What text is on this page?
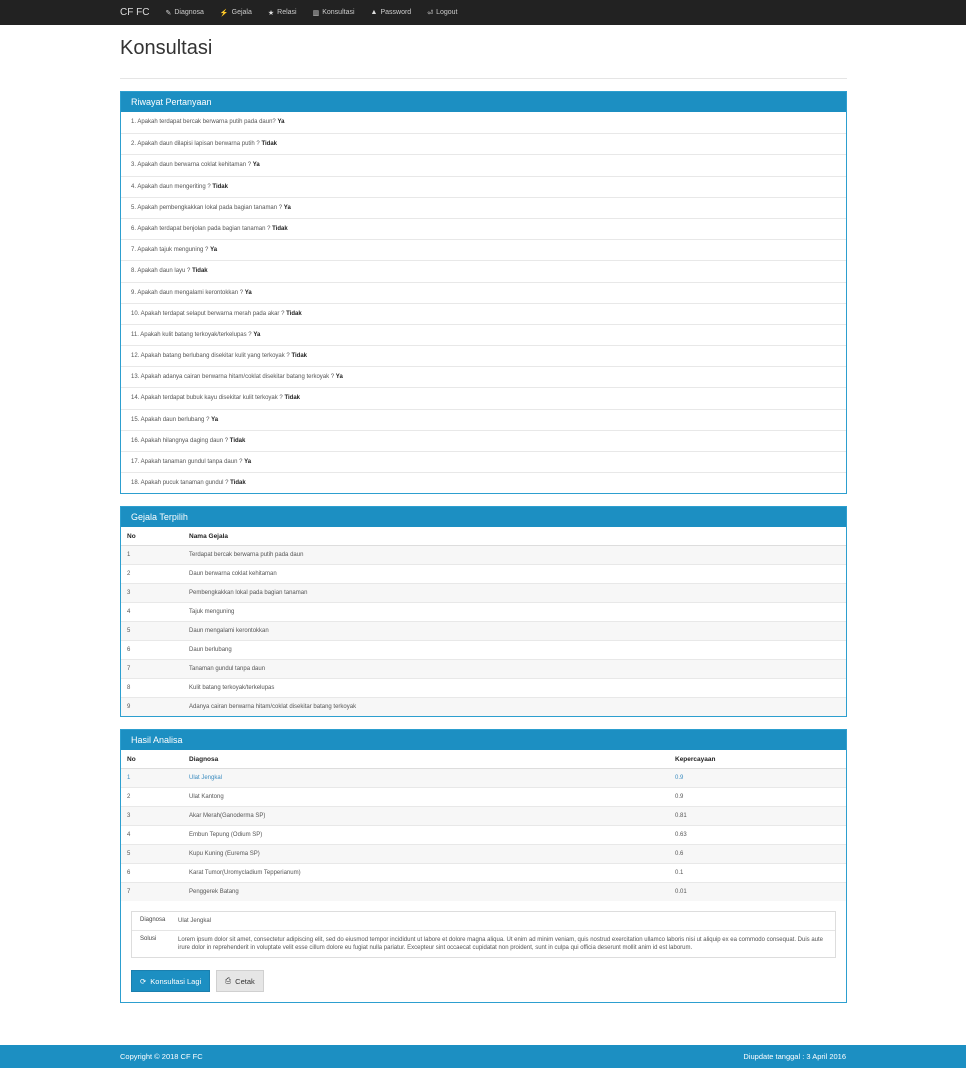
CF FC ✎ Diagnosa ⚡ Gejala ★ Relasi ▥ Konsultasi ▲ Password ⏎ Logout
Konsultasi
Riwayat Pertanyaan
1. Apakah terdapat bercak berwarna putih pada daun? Ya
2. Apakah daun dilapisi lapisan berwarna putih ? Tidak
3. Apakah daun berwarna coklat kehitaman ? Ya
4. Apakah daun mengeriting ? Tidak
5. Apakah pembengkakkan lokal pada bagian tanaman ? Ya
6. Apakah terdapat benjolan pada bagian tanaman ? Tidak
7. Apakah tajuk menguning ? Ya
8. Apakah daun layu ? Tidak
9. Apakah daun mengalami kerontokkan ? Ya
10. Apakah terdapat selaput berwarna merah pada akar ? Tidak
11. Apakah kulit batang terkoyak/terkelupas ? Ya
12. Apakah batang berlubang disekitar kulit yang terkoyak ? Tidak
13. Apakah adanya cairan berwarna hitam/coklat disekitar batang terkoyak ? Ya
14. Apakah terdapat bubuk kayu disekitar kulit terkoyak ? Tidak
15. Apakah daun berlubang ? Ya
16. Apakah hilangnya daging daun ? Tidak
17. Apakah tanaman gundul tanpa daun ? Ya
18. Apakah pucuk tanaman gundul ? Tidak
Gejala Terpilih
No	Nama Gejala
1	Terdapat bercak berwarna putih pada daun
2	Daun berwarna coklat kehitaman
3	Pembengkakkan lokal pada bagian tanaman
4	Tajuk menguning
5	Daun mengalami kerontokkan
6	Daun berlubang
7	Tanaman gundul tanpa daun
8	Kulit batang terkoyak/terkelupas
9	Adanya cairan berwarna hitam/coklat disekitar batang terkoyak
Hasil Analisa
No	Diagnosa	Kepercayaan
1	Ulat Jengkal	0.9
2	Ulat Kantong	0.9
3	Akar Merah(Ganoderma SP)	0.81
4	Embun Tepung (Odium SP)	0.63
5	Kupu Kuning (Eurema SP)	0.6
6	Karat Tumor(Uromycladium Tepperianum)	0.1
7	Penggerek Batang	0.01
Diagnosa	Ulat Jengkal
Solusi	Lorem ipsum dolor sit amet, consectetur adipiscing elit, sed do eiusmod tempor incididunt ut labore et dolore magna aliqua. Ut enim ad minim veniam, quis nostrud exercitation ullamco laboris nisi ut aliquip ex ea commodo consequat. Duis aute irure dolor in reprehenderit in voluptate velit esse cillum dolore eu fugiat nulla pariatur. Excepteur sint occaecat cupidatat non proident, sunt in culpa qui officia deserunt mollit anim id est laborum.
⟳ Konsultasi Lagi	⎙ Cetak
Copyright © 2018 CF FC	Diupdate tanggal : 3 April 2016
